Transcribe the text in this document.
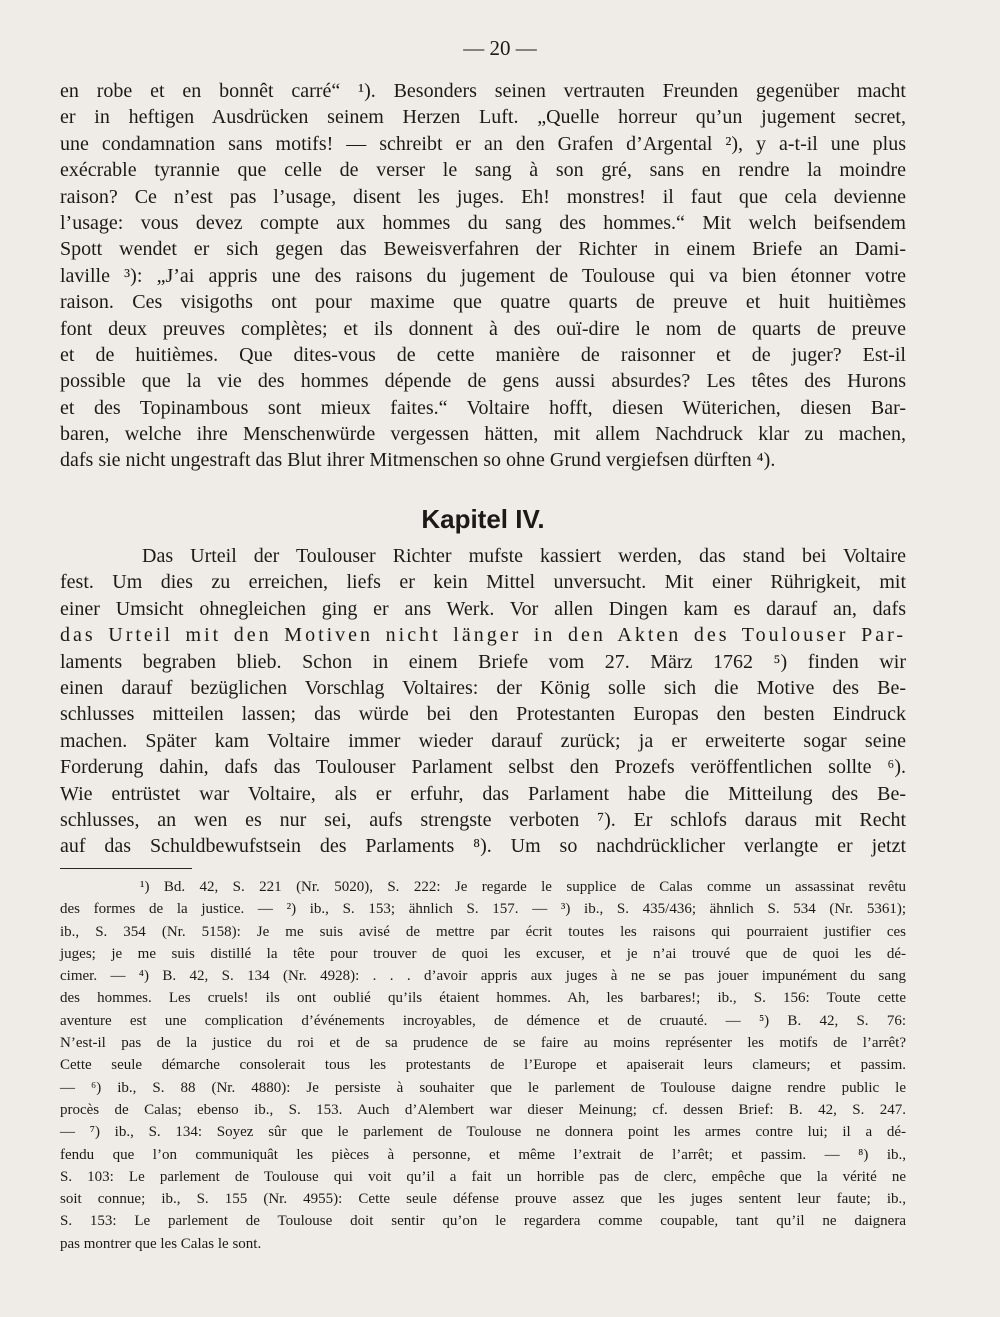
— 20 —
en robe et en bonnêt carré“ ¹). Besonders seinen vertrauten Freunden gegenüber macht
er in heftigen Ausdrücken seinem Herzen Luft. „Quelle horreur qu’un jugement secret,
une condamnation sans motifs! — schreibt er an den Grafen d’Argental ²), y a-t-il une plus
exécrable tyrannie que celle de verser le sang à son gré, sans en rendre la moindre
raison? Ce n’est pas l’usage, disent les juges. Eh! monstres! il faut que cela devienne
l’usage: vous devez compte aux hommes du sang des hommes.“ Mit welch beifsendem
Spott wendet er sich gegen das Beweisverfahren der Richter in einem Briefe an Dami-
laville ³): „J’ai appris une des raisons du jugement de Toulouse qui va bien étonner votre
raison. Ces visigoths ont pour maxime que quatre quarts de preuve et huit huitièmes
font deux preuves complètes; et ils donnent à des ouï-dire le nom de quarts de preuve
et de huitièmes. Que dites-vous de cette manière de raisonner et de juger? Est-il
possible que la vie des hommes dépende de gens aussi absurdes? Les têtes des Hurons
et des Topinambous sont mieux faites.“ Voltaire hofft, diesen Wüterichen, diesen Bar-
baren, welche ihre Menschenwürde vergessen hätten, mit allem Nachdruck klar zu machen,
dafs sie nicht ungestraft das Blut ihrer Mitmenschen so ohne Grund vergiefsen dürften ⁴).
Kapitel IV.
Das Urteil der Toulouser Richter mufste kassiert werden, das stand bei Voltaire
fest. Um dies zu erreichen, liefs er kein Mittel unversucht. Mit einer Rührigkeit, mit
einer Umsicht ohnegleichen ging er ans Werk. Vor allen Dingen kam es darauf an, dafs
das Urteil mit den Motiven nicht länger in den Akten des Toulouser Par-
laments begraben blieb. Schon in einem Briefe vom 27. März 1762 ⁵) finden wir
einen darauf bezüglichen Vorschlag Voltaires: der König solle sich die Motive des Be-
schlusses mitteilen lassen; das würde bei den Protestanten Europas den besten Eindruck
machen. Später kam Voltaire immer wieder darauf zurück; ja er erweiterte sogar seine
Forderung dahin, dafs das Toulouser Parlament selbst den Prozefs veröffentlichen sollte ⁶).
Wie entrüstet war Voltaire, als er erfuhr, das Parlament habe die Mitteilung des Be-
schlusses, an wen es nur sei, aufs strengste verboten ⁷). Er schlofs daraus mit Recht
auf das Schuldbewufstsein des Parlaments ⁸). Um so nachdrücklicher verlangte er jetzt
¹) Bd. 42, S. 221 (Nr. 5020), S. 222: Je regarde le supplice de Calas comme un assassinat revêtu
des formes de la justice. — ²) ib., S. 153; ähnlich S. 157. — ³) ib., S. 435/436; ähnlich S. 534 (Nr. 5361);
ib., S. 354 (Nr. 5158): Je me suis avisé de mettre par écrit toutes les raisons qui pourraient justifier ces
juges; je me suis distillé la tête pour trouver de quoi les excuser, et je n’ai trouvé que de quoi les dé-
cimer. — ⁴) B. 42, S. 134 (Nr. 4928): . . . d’avoir appris aux juges à ne se pas jouer impunément du sang
des hommes. Les cruels! ils ont oublié qu’ils étaient hommes. Ah, les barbares!; ib., S. 156: Toute cette
aventure est une complication d’événements incroyables, de démence et de cruauté. — ⁵) B. 42, S. 76:
N’est-il pas de la justice du roi et de sa prudence de se faire au moins représenter les motifs de l’arrêt?
Cette seule démarche consolerait tous les protestants de l’Europe et apaiserait leurs clameurs; et passim.
— ⁶) ib., S. 88 (Nr. 4880): Je persiste à souhaiter que le parlement de Toulouse daigne rendre public le
procès de Calas; ebenso ib., S. 153. Auch d’Alembert war dieser Meinung; cf. dessen Brief: B. 42, S. 247.
— ⁷) ib., S. 134: Soyez sûr que le parlement de Toulouse ne donnera point les armes contre lui; il a dé-
fendu que l’on communiquât les pièces à personne, et même l’extrait de l’arrêt; et passim. — ⁸) ib.,
S. 103: Le parlement de Toulouse qui voit qu’il a fait un horrible pas de clerc, empêche que la vérité ne
soit connue; ib., S. 155 (Nr. 4955): Cette seule défense prouve assez que les juges sentent leur faute; ib.,
S. 153: Le parlement de Toulouse doit sentir qu’on le regardera comme coupable, tant qu’il ne daignera
pas montrer que les Calas le sont.
